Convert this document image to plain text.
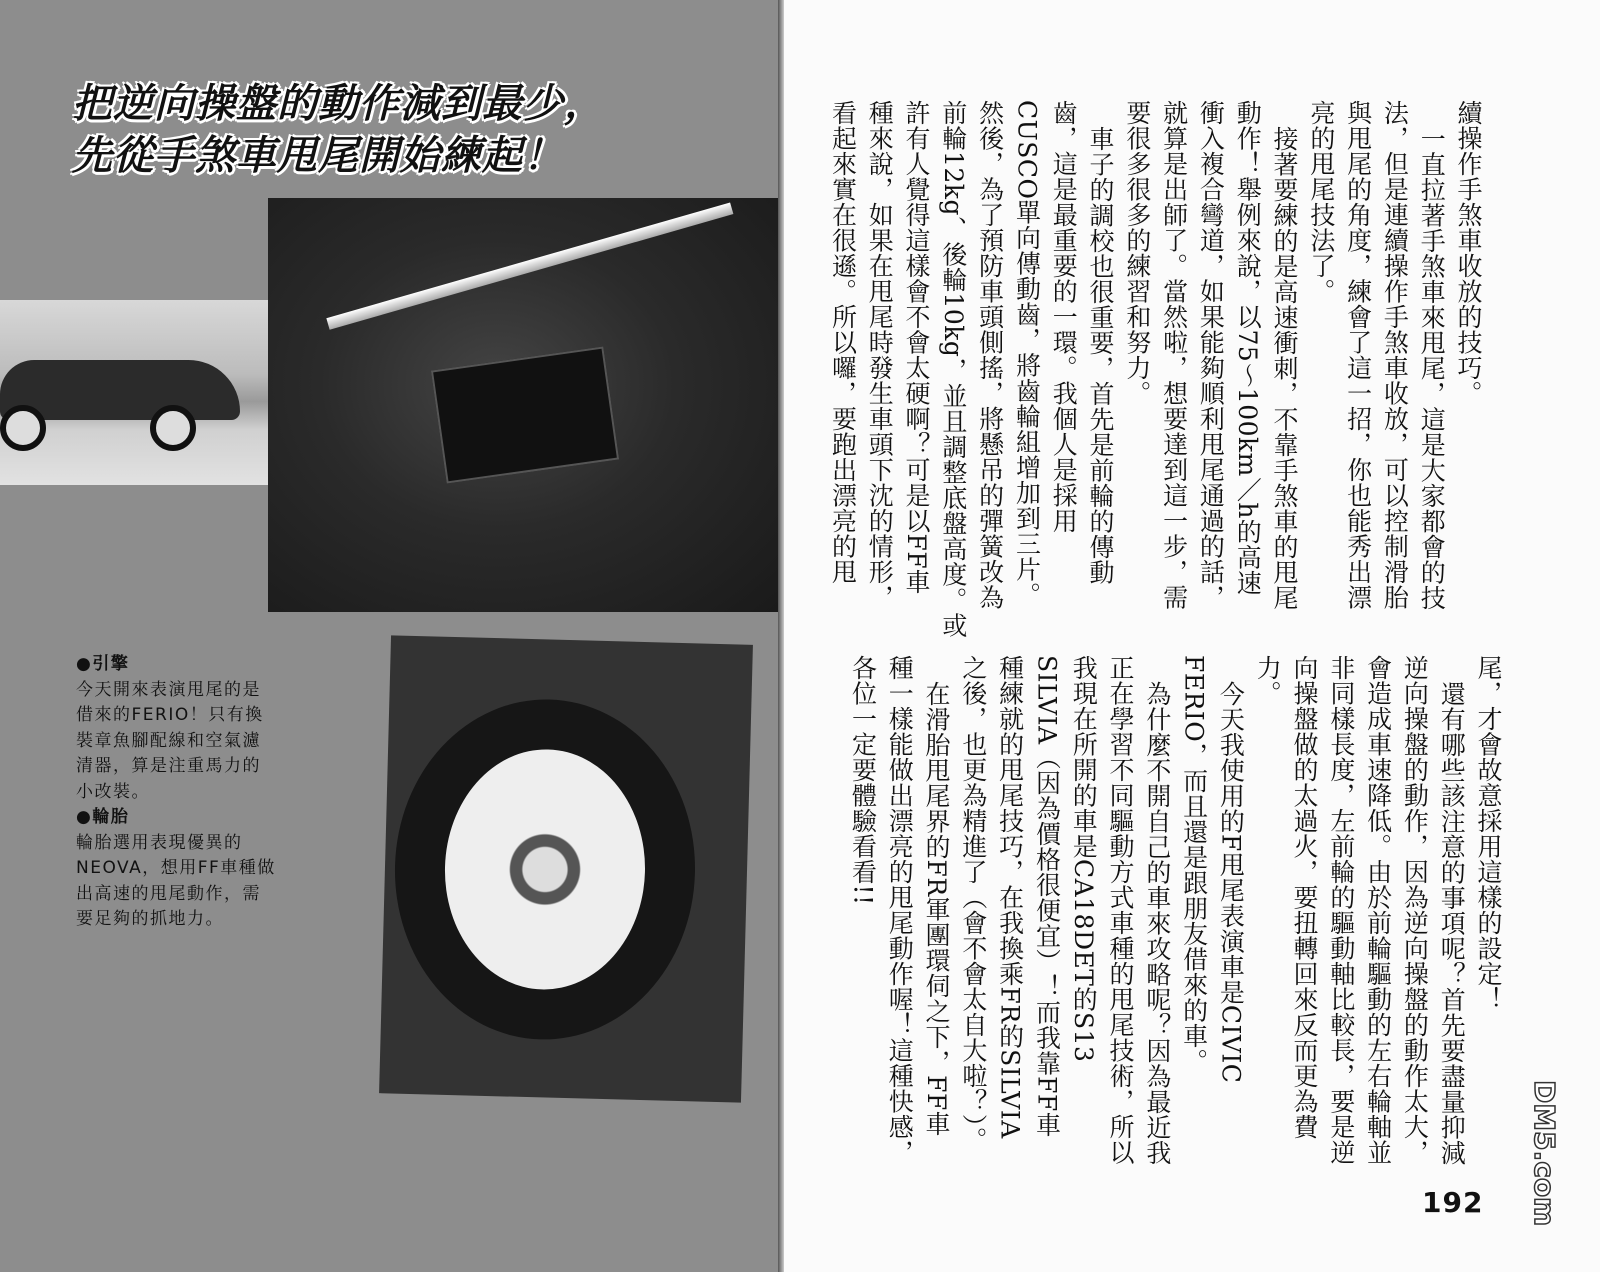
把逆向操盤的動作減到最少，
先從手煞車甩尾開始練起！

●引擎

今天開來表演甩尾的是借來的FERIO！只有換裝章魚腳配線和空氣濾清器，算是注重馬力的小改裝。

●輪胎

輪胎選用表現優異的NEOVA，想用FF車種做出高速的甩尾動作，需要足夠的抓地力。

續操作手煞車收放的技巧。
一直拉著手煞車來甩尾，這是大家都會的技
法，但是連續操作手煞車收放，可以控制滑胎
與甩尾的角度，練會了這一招，你也能秀出漂
亮的甩尾技法了。
接著要練的是高速衝刺，不靠手煞車的甩尾
動作！舉例來說，以75～100km／h的高速
衝入複合彎道，如果能夠順利甩尾通過的話，
就算是出師了。當然啦，想要達到這一步，需
要很多很多的練習和努力。
車子的調校也很重要，首先是前輪的傳動
齒，這是最重要的一環。我個人是採用
CUSCO單向傳動齒，將齒輪組增加到三片。
然後，為了預防車頭側搖，將懸吊的彈簧改為
前輪12kg、後輪10kg，並且調整底盤高度。或
許有人覺得這樣會不會太硬啊？可是以FF車
種來說，如果在甩尾時發生車頭下沈的情形，
看起來實在很遜。所以囉，要跑出漂亮的甩
尾，才會故意採用這樣的設定！
還有哪些該注意的事項呢？首先要盡量抑減
逆向操盤的動作，因為逆向操盤的動作太大，
會造成車速降低。由於前輪驅動的左右輪軸並
非同樣長度，左前輪的驅動軸比較長，要是逆
向操盤做的太過火，要扭轉回來反而更為費
力。
今天我使用的F甩尾表演車是CIVIC
FERIO，而且還是跟朋友借來的車。
為什麼不開自己的車來攻略呢？因為最近我
正在學習不同驅動方式車種的甩尾技術，所以
我現在所開的車是CA18DET的S13
SILVIA（因為價格很便宜）！而我靠FF車
種練就的甩尾技巧，在我換乘FR的SILVIA
之後，也更為精進了（會不會太自大啦？）。
在滑胎甩尾界的FR軍團環伺之下，FF車
種一樣能做出漂亮的甩尾動作喔！這種快感，
各位一定要體驗看看!!
192 DM5.com
